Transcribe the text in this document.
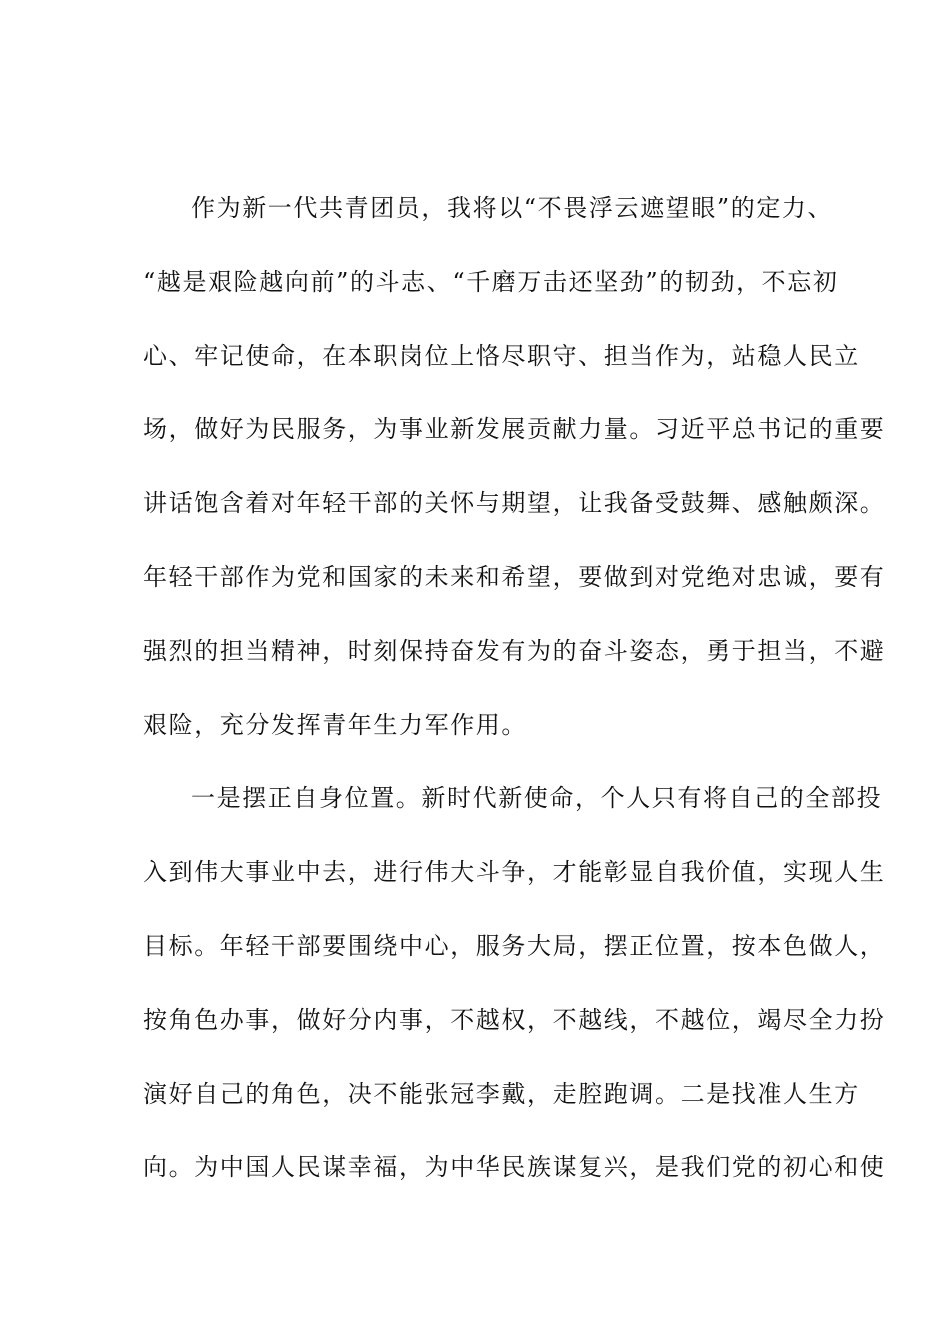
作为新一代共青团员，我将以“不畏浮云遮望眼”的定力、
“越是艰险越向前”的斗志、“千磨万击还坚劲”的韧劲，不忘初
心、牢记使命，在本职岗位上恪尽职守、担当作为，站稳人民立
场，做好为民服务，为事业新发展贡献力量。习近平总书记的重要
讲话饱含着对年轻干部的关怀与期望，让我备受鼓舞、感触颇深。
年轻干部作为党和国家的未来和希望，要做到对党绝对忠诚，要有
强烈的担当精神，时刻保持奋发有为的奋斗姿态，勇于担当，不避
艰险，充分发挥青年生力军作用。
一是摆正自身位置。新时代新使命，个人只有将自己的全部投
入到伟大事业中去，进行伟大斗争，才能彰显自我价值，实现人生
目标。年轻干部要围绕中心，服务大局，摆正位置，按本色做人，
按角色办事，做好分内事，不越权，不越线，不越位，竭尽全力扮
演好自己的角色，决不能张冠李戴，走腔跑调。二是找准人生方
向。为中国人民谋幸福，为中华民族谋复兴，是我们党的初心和使
